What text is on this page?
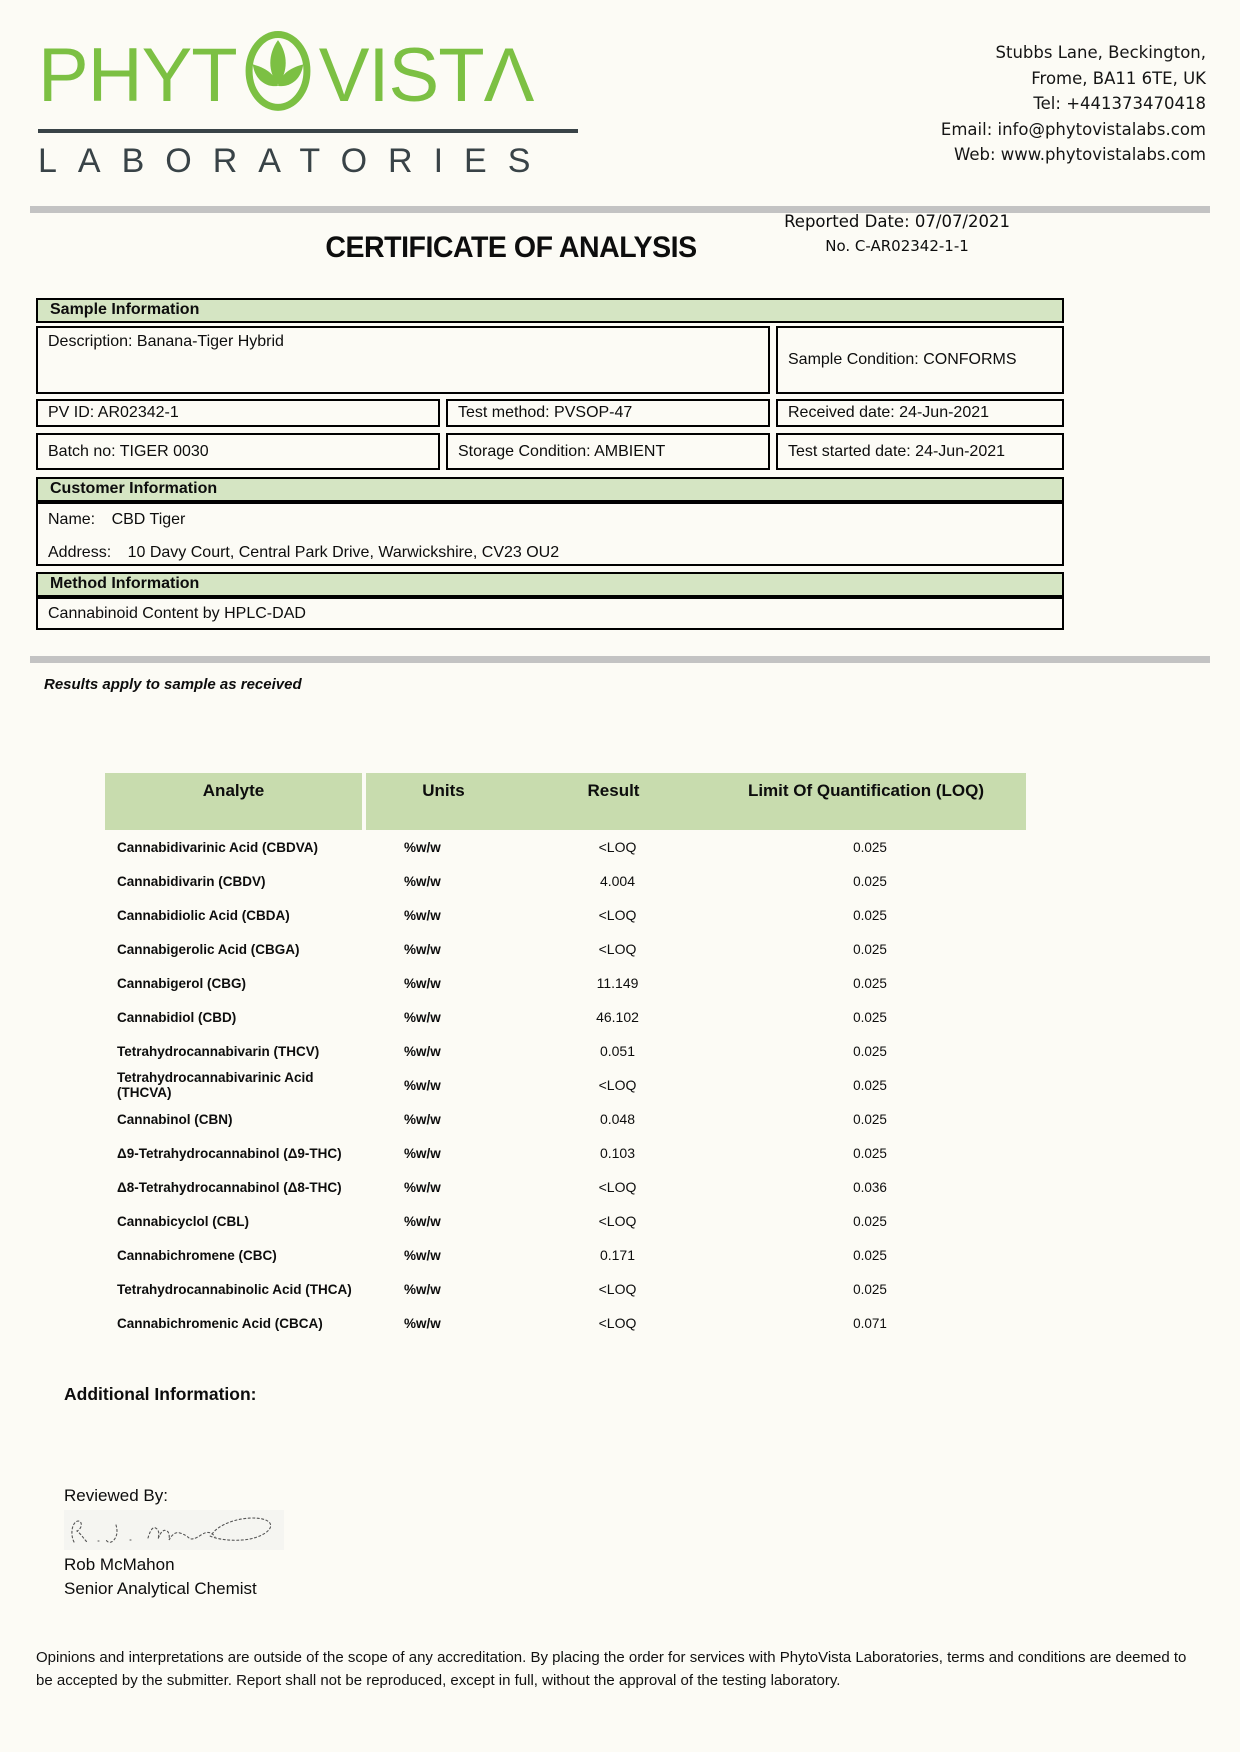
PHYT VISTΛ
LABORATORIES
Stubbs Lane, Beckington,
Frome, BA11 6TE, UK
Tel: +441373470418
Email: info@phytovistalabs.com
Web: www.phytovistalabs.com
Reported Date: 07/07/2021
No. C-AR02342-1-1
CERTIFICATE OF ANALYSIS
Sample Information
Description: Banana-Tiger Hybrid
Sample Condition: CONFORMS
PV ID: AR02342-1	Test method: PVSOP-47	Received date: 24-Jun-2021
Batch no: TIGER 0030	Storage Condition: AMBIENT	Test started date: 24-Jun-2021
Customer Information
Name: CBD Tiger
Address: 10 Davy Court, Central Park Drive, Warwickshire, CV23 OU2
Method Information
Cannabinoid Content by HPLC-DAD
Results apply to sample as received
Analyte	Units	Result	Limit Of Quantification (LOQ)
Cannabidivarinic Acid (CBDVA)	%w/w	<LOQ	0.025
Cannabidivarin (CBDV)	%w/w	4.004	0.025
Cannabidiolic Acid (CBDA)	%w/w	<LOQ	0.025
Cannabigerolic Acid (CBGA)	%w/w	<LOQ	0.025
Cannabigerol (CBG)	%w/w	11.149	0.025
Cannabidiol (CBD)	%w/w	46.102	0.025
Tetrahydrocannabivarin (THCV)	%w/w	0.051	0.025
Tetrahydrocannabivarinic Acid (THCVA)	%w/w	<LOQ	0.025
Cannabinol (CBN)	%w/w	0.048	0.025
Δ9-Tetrahydrocannabinol (Δ9-THC)	%w/w	0.103	0.025
Δ8-Tetrahydrocannabinol (Δ8-THC)	%w/w	<LOQ	0.036
Cannabicyclol (CBL)	%w/w	<LOQ	0.025
Cannabichromene (CBC)	%w/w	0.171	0.025
Tetrahydrocannabinolic Acid (THCA)	%w/w	<LOQ	0.025
Cannabichromenic Acid (CBCA)	%w/w	<LOQ	0.071
Additional Information:
Reviewed By:
Rob McMahon
Senior Analytical Chemist
Opinions and interpretations are outside of the scope of any accreditation. By placing the order for services with PhytoVista Laboratories, terms and conditions are deemed to be accepted by the submitter. Report shall not be reproduced, except in full, without the approval of the testing laboratory.
